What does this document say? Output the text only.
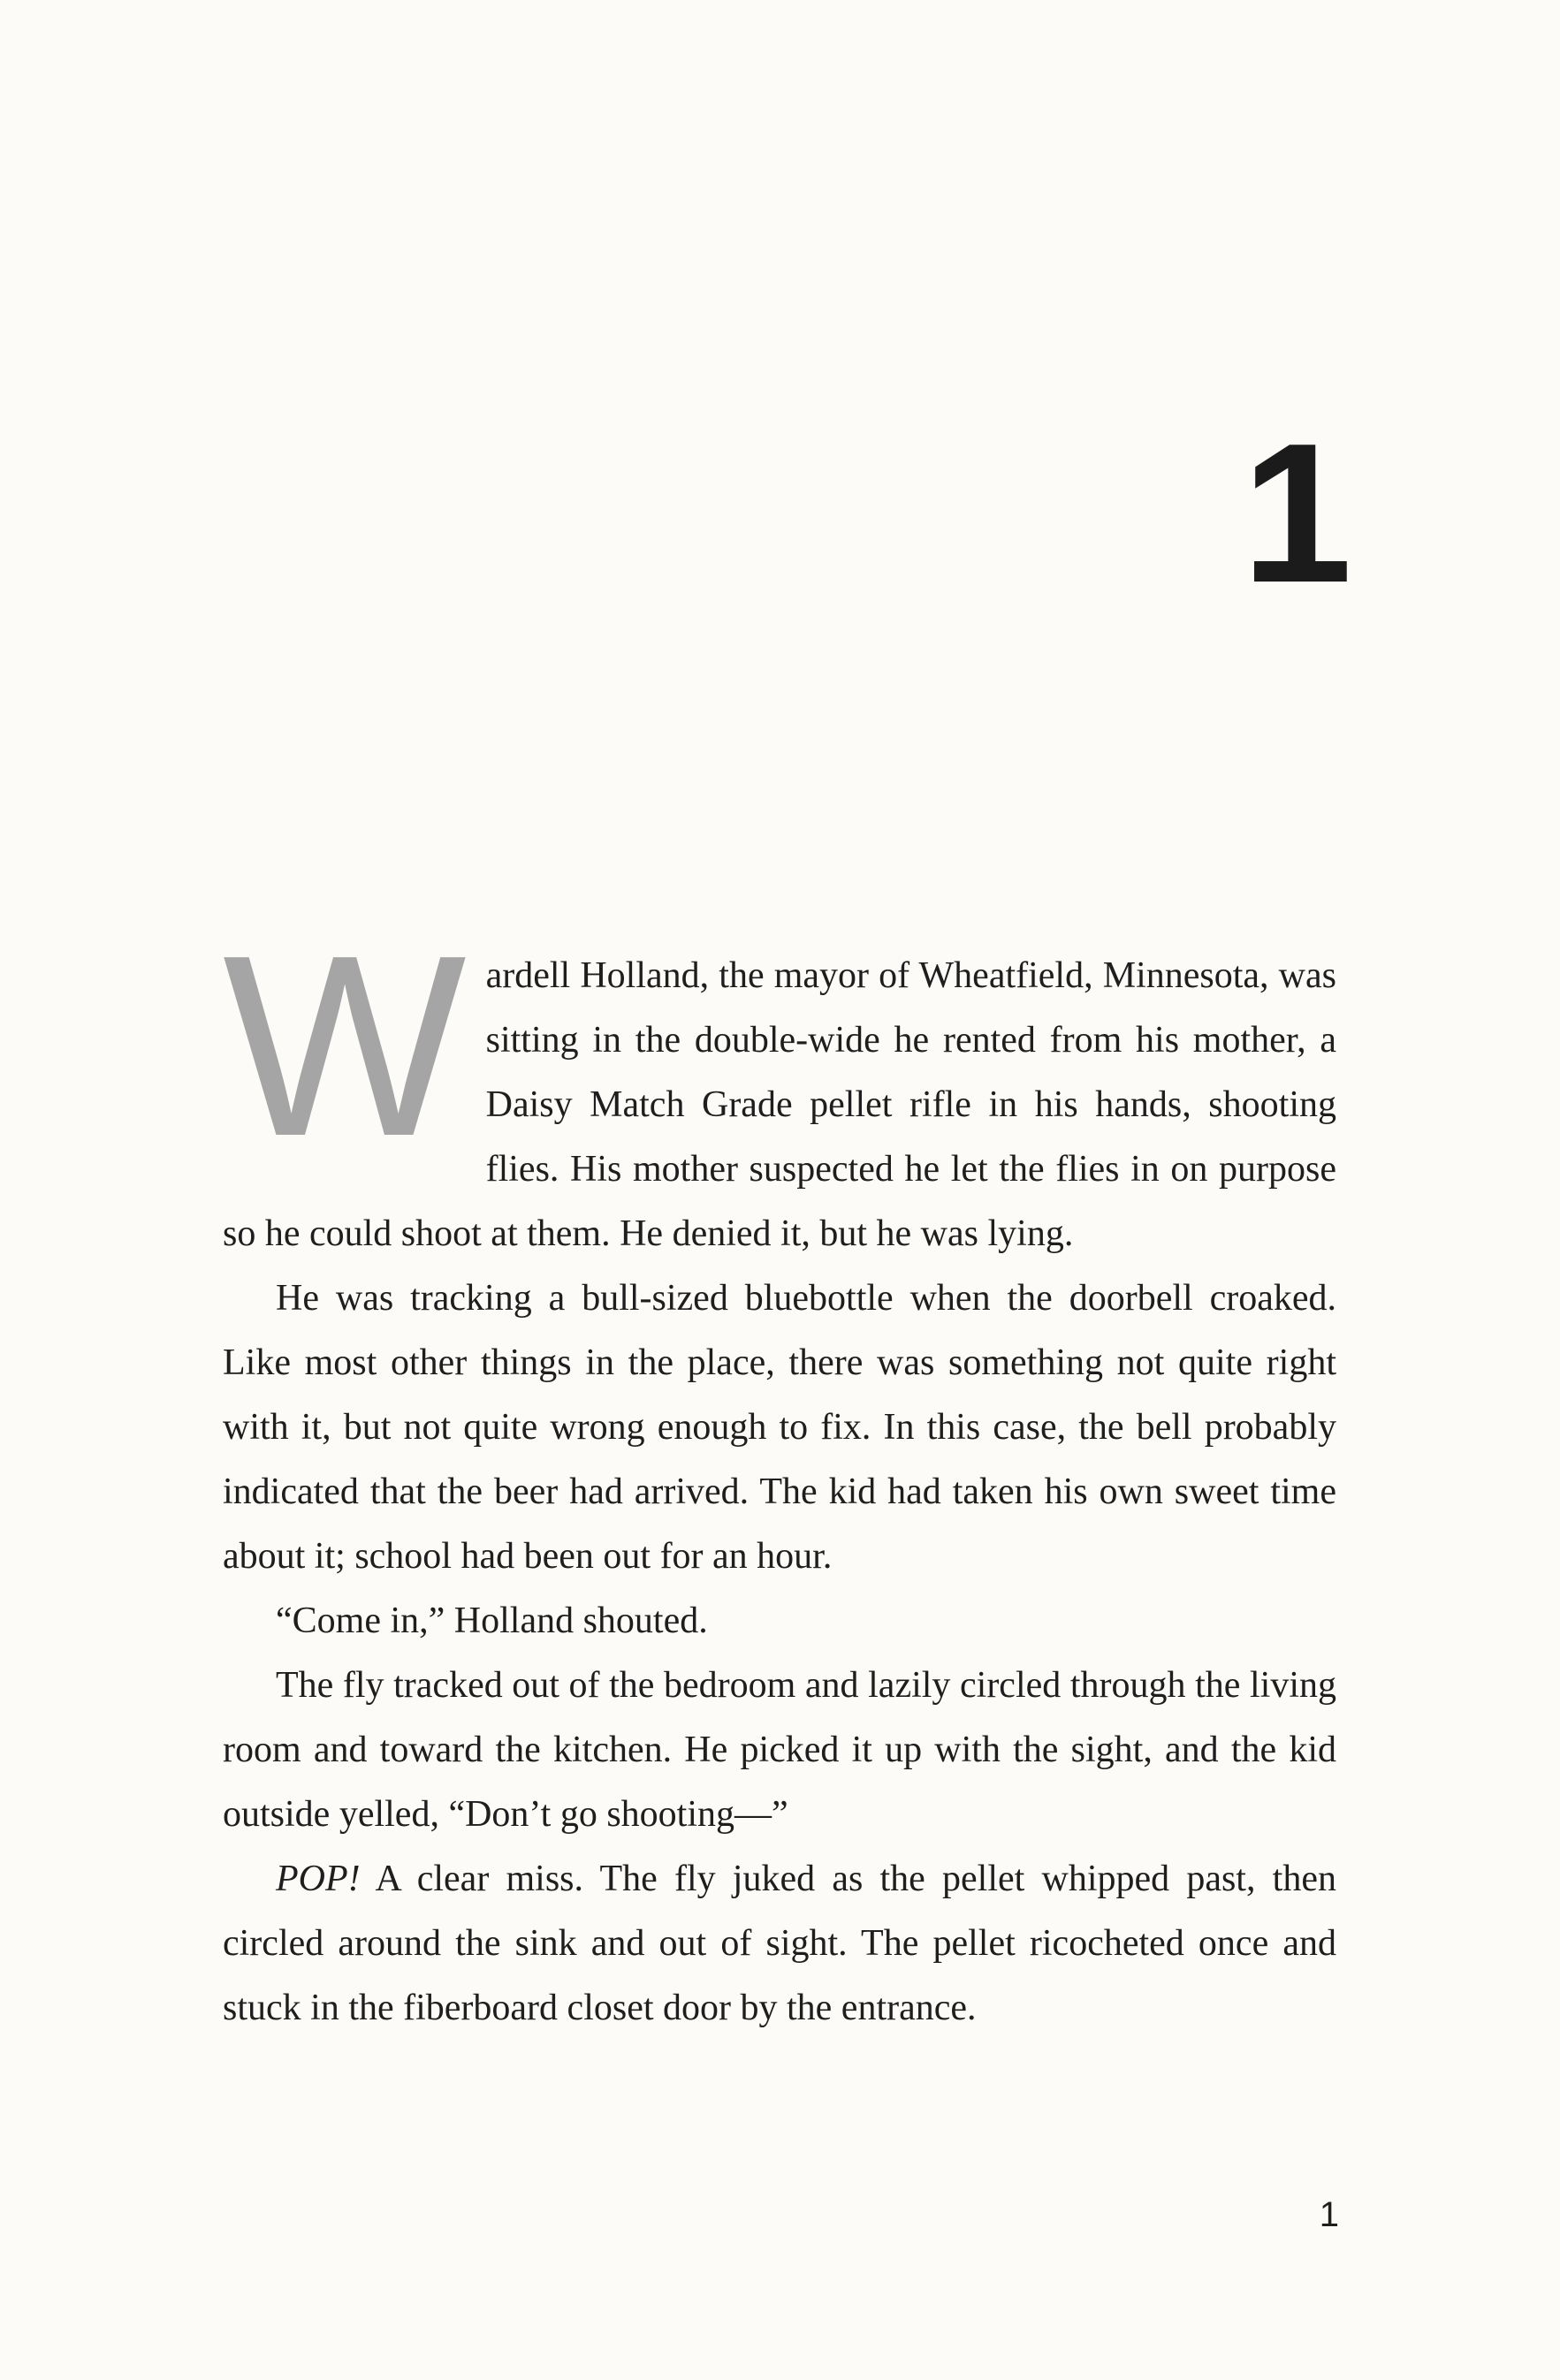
1

Wardell Holland, the mayor of Wheatfield, Minnesota, was sitting in the double-wide he rented from his mother, a Daisy Match Grade pellet rifle in his hands, shooting flies. His mother suspected he let the flies in on purpose so he could shoot at them. He denied it, but he was lying.

He was tracking a bull-sized bluebottle when the doorbell croaked. Like most other things in the place, there was something not quite right with it, but not quite wrong enough to fix. In this case, the bell probably indicated that the beer had arrived. The kid had taken his own sweet time about it; school had been out for an hour.

“Come in,” Holland shouted.

The fly tracked out of the bedroom and lazily circled through the living room and toward the kitchen. He picked it up with the sight, and the kid outside yelled, “Don’t go shooting—”

POP! A clear miss. The fly juked as the pellet whipped past, then circled around the sink and out of sight. The pellet ricocheted once and stuck in the fiberboard closet door by the entrance.

1
